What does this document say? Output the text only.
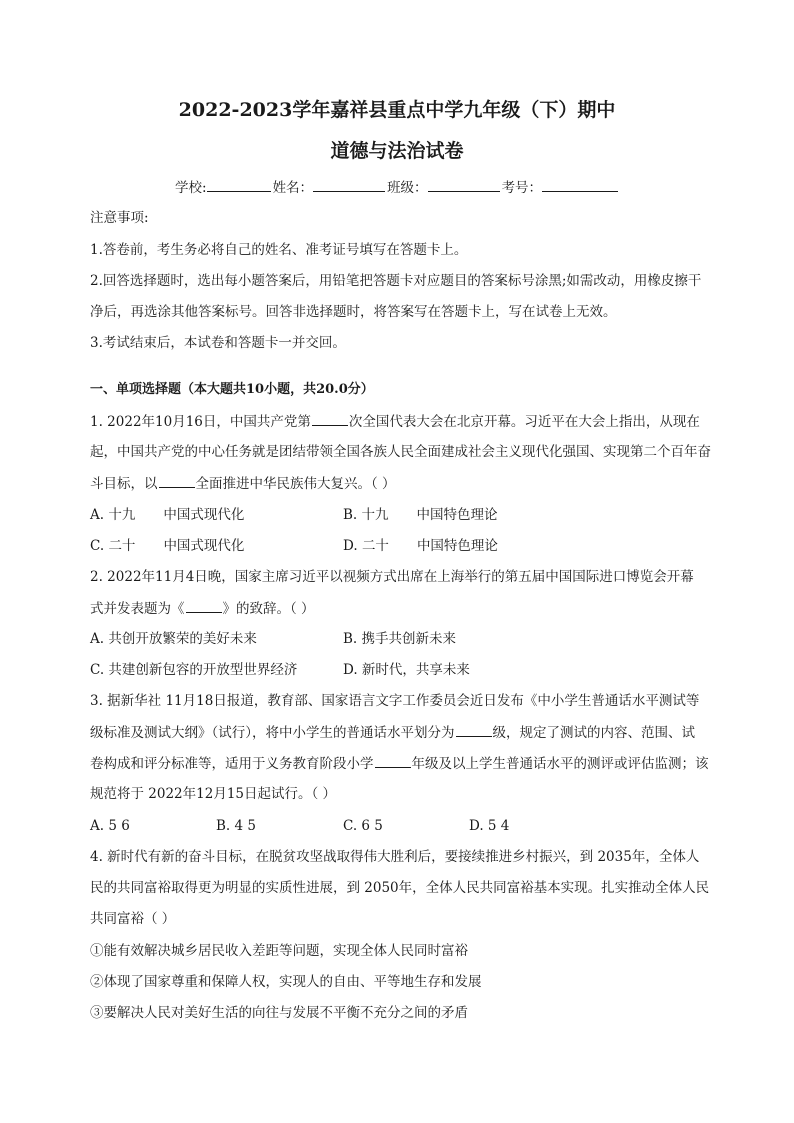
2022-2023学年嘉祥县重点中学九年级（下）期中
道德与法治试卷
学校:	姓名：	班级：	考号：
注意事项:
1.答卷前，考生务必将自己的姓名、准考证号填写在答题卡上。
2.回答选择题时，选出每小题答案后，用铅笔把答题卡对应题目的答案标号涂黑;如需改动，用橡皮擦干
净后，再选涂其他答案标号。回答非选择题时，将答案写在答题卡上，写在试卷上无效。
3.考试结束后，本试卷和答题卡一并交回。
一、单项选择题（本大题共10小题，共20.0分）
1. 2022年10月16日，中国共产党第	次全国代表大会在北京开幕。习近平在大会上指出，从现在
起，中国共产党的中心任务就是团结带领全国各族人民全面建成社会主义现代化强国、实现第二个百年奋
斗目标，以	全面推进中华民族伟大复兴。（ ）
A. 十九 中国式现代化	B. 十九 中国特色理论
C. 二十 中国式现代化	D. 二十 中国特色理论
2. 2022年11月4日晚，国家主席习近平以视频方式出席在上海举行的第五届中国国际进口博览会开幕
式并发表题为《	》的致辞。（ ）
A. 共创开放繁荣的美好未来	B. 携手共创新未来
C. 共建创新包容的开放型世界经济	D. 新时代，共享未来
3. 据新华社 11月18日报道，教育部、国家语言文字工作委员会近日发布《中小学生普通话水平测试等
级标准及测试大纲》（试行），将中小学生的普通话水平划分为	级，规定了测试的内容、范围、试
卷构成和评分标准等，适用于义务教育阶段小学	年级及以上学生普通话水平的测评或评估监测；该
规范将于 2022年12月15日起试行。（ ）
A. 5 6	B. 4 5	C. 6 5	D. 5 4
4. 新时代有新的奋斗目标，在脱贫攻坚战取得伟大胜利后，要接续推进乡村振兴，到 2035年，全体人
民的共同富裕取得更为明显的实质性进展，到 2050年，全体人民共同富裕基本实现。扎实推动全体人民
共同富裕（ ）
①能有效解决城乡居民收入差距等问题，实现全体人民同时富裕
②体现了国家尊重和保障人权，实现人的自由、平等地生存和发展
③要解决人民对美好生活的向往与发展不平衡不充分之间的矛盾
